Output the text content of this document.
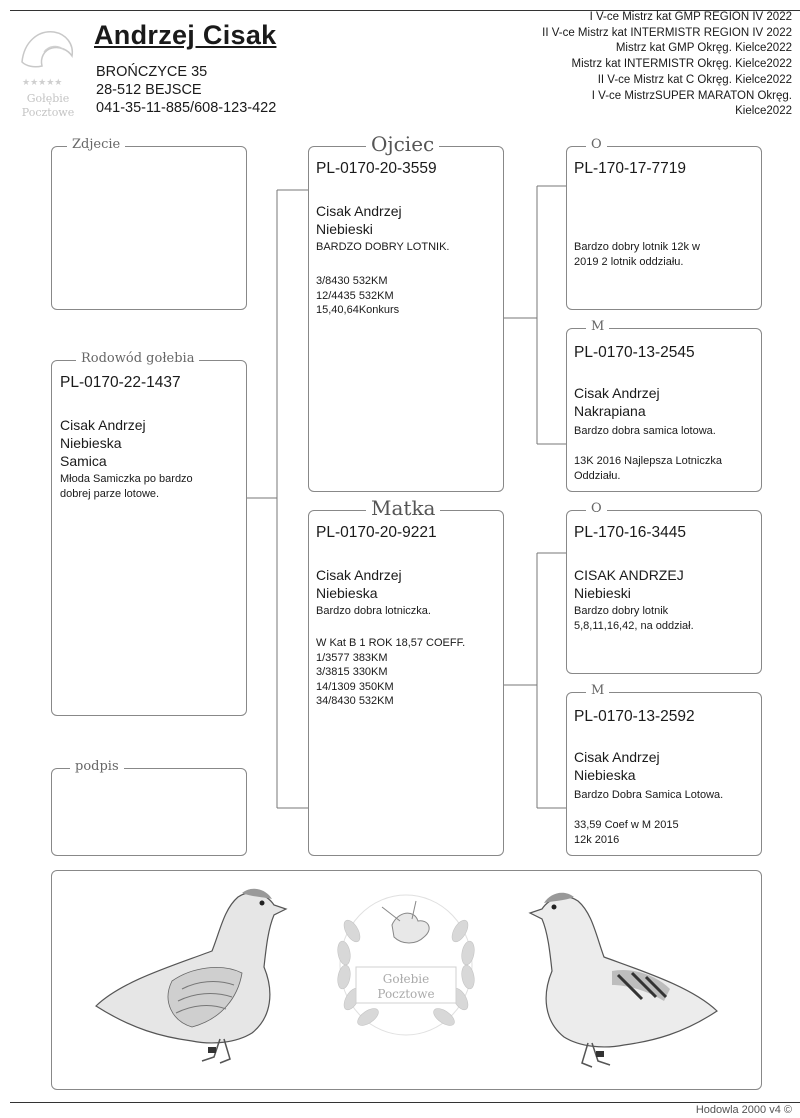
★★★★★
Gołębie
Pocztowe
Andrzej Cisak
BROŃCZYCE 35
28-512 BEJSCE
041-35-11-885/608-123-422
I V-ce Mistrz kat GMP REGION IV 2022
II V-ce Mistrz kat INTERMISTR REGION IV 2022
Mistrz kat GMP Okręg. Kielce2022
Mistrz kat INTERMISTR Okręg. Kielce2022
II V-ce Mistrz kat C Okręg. Kielce2022
I V-ce MistrzSUPER MARATON Okręg.
Kielce2022
Zdjecie
Rodowód gołebia
PL-0170-22-1437
Cisak Andrzej
Niebieska
Samica
Młoda Samiczka po bardzo
dobrej parze lotowe.
podpis
Ojciec
PL-0170-20-3559
Cisak Andrzej
Niebieski
BARDZO DOBRY LOTNIK.
3/8430 532KM
12/4435 532KM
15,40,64Konkurs
Matka
PL-0170-20-9221
Cisak Andrzej
Niebieska
Bardzo dobra lotniczka.
W Kat B 1 ROK 18,57 COEFF.
1/3577 383KM
3/3815 330KM
14/1309 350KM
34/8430 532KM
O
PL-170-17-7719
Bardzo dobry lotnik 12k w
2019 2 lotnik oddziału.
M
PL-0170-13-2545
Cisak Andrzej
Nakrapiana
Bardzo dobra samica lotowa.
13K 2016 Najlepsza Lotniczka
Oddziału.
O
PL-170-16-3445
CISAK ANDRZEJ
Niebieski
Bardzo dobry lotnik
5,8,11,16,42, na oddział.
M
PL-0170-13-2592
Cisak Andrzej
Niebieska
Bardzo Dobra Samica Lotowa.
33,59 Coef w M 2015
12k 2016
Gołebie
Pocztowe
Hodowla 2000 v4 ©
